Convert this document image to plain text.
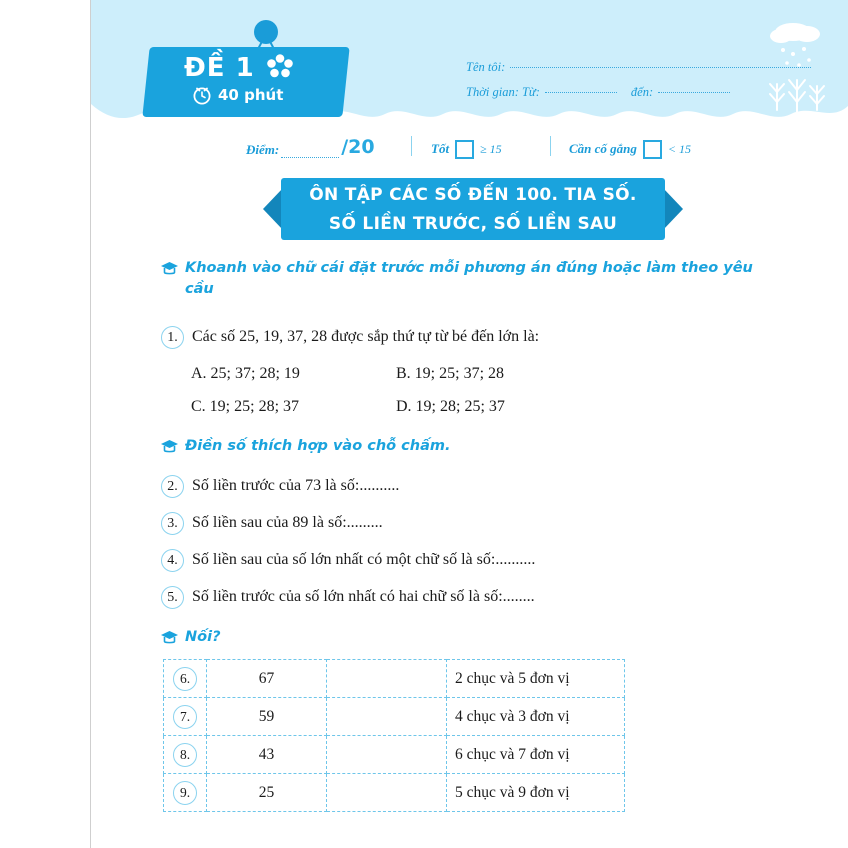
ĐỀ 1
40 phút
Tên tôi:
Thời gian: Từ:	đến:
Điểm:	/20	Tốt	≥ 15	Cần cố gắng	< 15
ÔN TẬP CÁC SỐ ĐẾN 100. TIA SỐ.
SỐ LIỀN TRƯỚC, SỐ LIỀN SAU
Khoanh vào chữ cái đặt trước mỗi phương án đúng hoặc làm theo yêu cầu
1. Các số 25, 19, 37, 28 được sắp thứ tự từ bé đến lớn là:
A. 25; 37; 28; 19	B. 19; 25; 37; 28
C. 19; 25; 28; 37	D. 19; 28; 25; 37
Điền số thích hợp vào chỗ chấm.
2. Số liền trước của 73 là số:..........
3. Số liền sau của 89 là số:.........
4. Số liền sau của số lớn nhất có một chữ số là số:..........
5. Số liền trước của số lớn nhất có hai chữ số là số:........
Nối?
6.	67		2 chục và 5 đơn vị
7.	59		4 chục và 3 đơn vị
8.	43		6 chục và 7 đơn vị
9.	25		5 chục và 9 đơn vị
